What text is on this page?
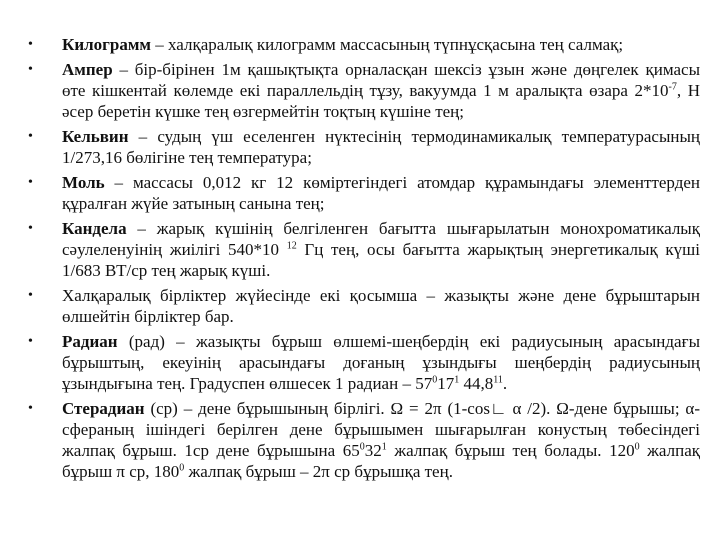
• Килограмм – халқаралық килограмм массасының түпнұсқасына тең салмақ;
• Ампер – бір-бірінен 1м қашықтықта орналасқан шексіз ұзын және дөңгелек қимасы өте кішкентай көлемде екі параллельдің тұзу, вакуумда 1 м аралықта өзара $2*10^{-7}$, Н әсер беретін күшке тең өзгермейтін тоқтың күшіне тең;
• Кельвин – судың үш еселенген нүктесінің термодинамикалық температурасының 1/273,16 бөлігіне тең температура;
• Моль – массасы 0,012 кг 12 көміртегіндегі атомдар құрамындағы элементтерден құралған жүйе затының санына тең;
• Кандела – жарық күшінің белгіленген бағытта шығарылатын монохроматикалық сәулеленуінің жиілігі 540*10 $^{12}$ Гц тең, осы бағытта жарықтың энергетикалық күші 1/683 ВТ/ср тең жарық күші.
• Халқаралық бірліктер жүйесінде екі қосымша – жазықты және дене бұрыштарын өлшейтін бірліктер бар.
• Радиан (рад) – жазықты бұрыш өлшемі-шеңбердің екі радиусының арасындағы бұрыштың, екеуінің арасындағы доғаның ұзындығы шеңбердің радиусының ұзындығына тең. Градуспен өлшесек 1 радиан – $57^017^1$ 44,8$^{11}$.
• Стерадиан (ср) – дене бұрышының бірлігі. Ω = 2π (1-cos∟ α /2). Ω-дене бұрышы; α-сфераның ішіндегі берілген дене бұрышымен шығарылған конустың төбесіндегі жалпақ бұрыш. 1ср дене бұрышына $65^032^1$ жалпақ бұрыш тең болады. $120^0$ жалпақ бұрыш π ср, $180^0$ жалпақ бұрыш – 2π ср бұрышқа тең.
